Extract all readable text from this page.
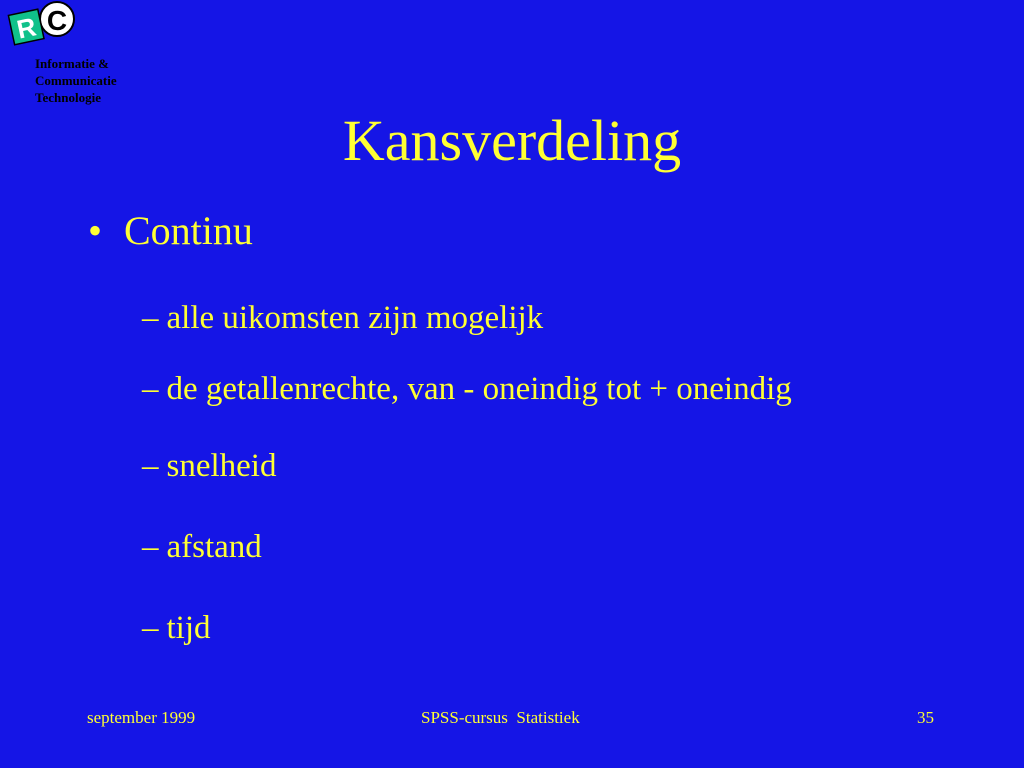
C
R
Informatie &
Communicatie
Technologie
Kansverdeling
• Continu
– alle uikomsten zijn mogelijk
– de getallenrechte, van - oneindig tot + oneindig
– snelheid
– afstand
– tijd
september 1999	SPSS-cursus  Statistiek	35
